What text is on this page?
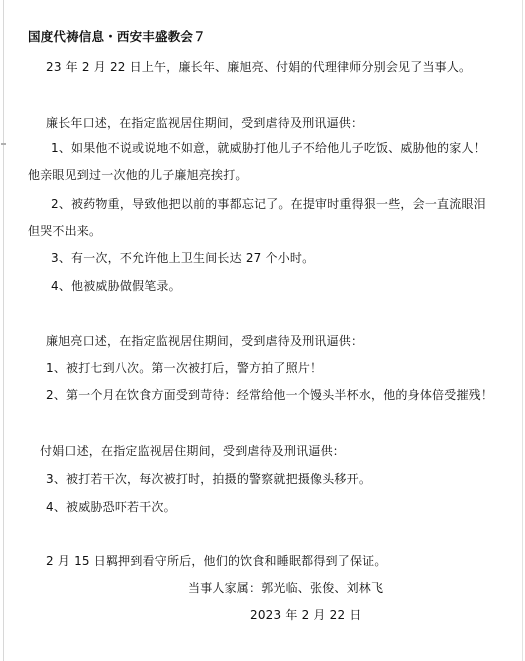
国度代祷信息・西安丰盛教会７
23 年 2 月 22 日上午，廉长年、廉旭亮、付娟的代理律师分别会见了当事人。
廉长年口述，在指定监视居住期间，受到虐待及刑讯逼供：
1、如果他不说或说地不如意，就威胁打他儿子不给他儿子吃饭、威胁他的家人！
他亲眼见到过一次他的儿子廉旭亮挨打。
2、被药物重，导致他把以前的事都忘记了。在提审时重得狠一些，会一直流眼泪
但哭不出来。
3、有一次，不允许他上卫生间长达 27 个小时。
4、他被威胁做假笔录。
廉旭亮口述，在指定监视居住期间，受到虐待及刑讯逼供：
1、被打七到八次。第一次被打后，警方拍了照片！
2、第一个月在饮食方面受到苛待：经常给他一个馒头半杯水，他的身体倍受摧残！
付娟口述，在指定监视居住期间，受到虐待及刑讯逼供：
3、被打若干次，每次被打时，拍摄的警察就把摄像头移开。
4、被威胁恐吓若干次。
2 月 15 日羁押到看守所后，他们的饮食和睡眠都得到了保证。
当事人家属：郭光临、张俊、刘林飞
2023 年 2 月 22 日
